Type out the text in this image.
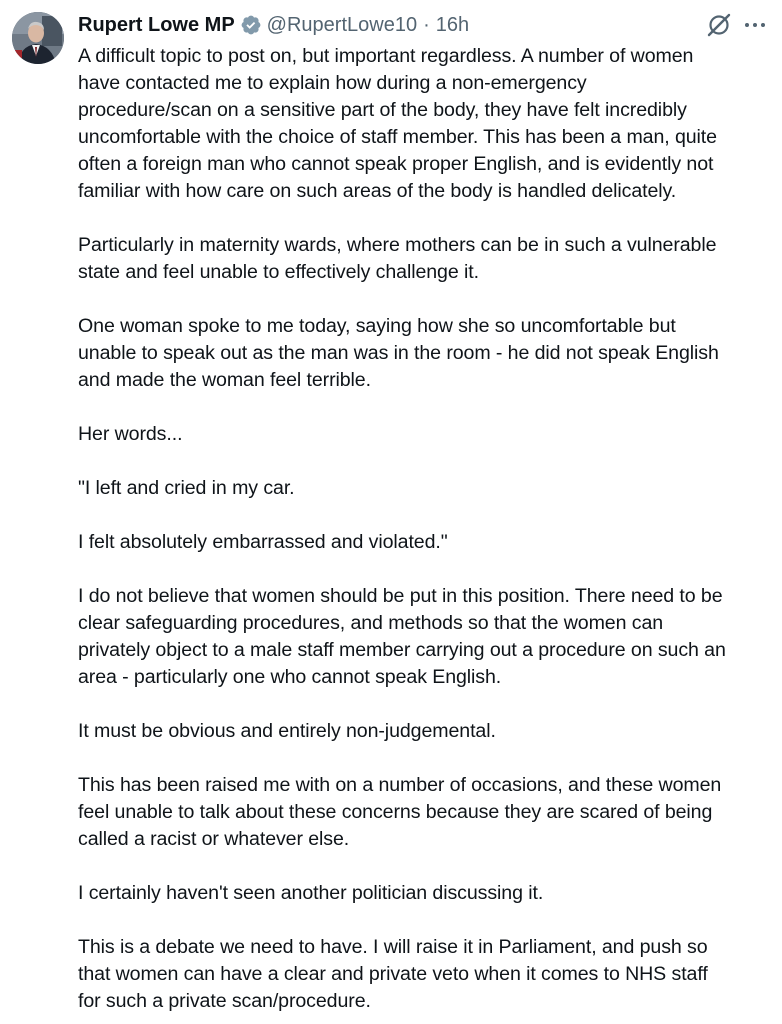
Rupert Lowe MP @RupertLowe10 · 16h

A difficult topic to post on, but important regardless. A number of women
have contacted me to explain how during a non-emergency
procedure/scan on a sensitive part of the body, they have felt incredibly
uncomfortable with the choice of staff member. This has been a man, quite
often a foreign man who cannot speak proper English, and is evidently not
familiar with how care on such areas of the body is handled delicately.

Particularly in maternity wards, where mothers can be in such a vulnerable
state and feel unable to effectively challenge it.

One woman spoke to me today, saying how she so uncomfortable but
unable to speak out as the man was in the room - he did not speak English
and made the woman feel terrible.

Her words...

"I left and cried in my car.

I felt absolutely embarrassed and violated."

I do not believe that women should be put in this position. There need to be
clear safeguarding procedures, and methods so that the women can
privately object to a male staff member carrying out a procedure on such an
area - particularly one who cannot speak English.

It must be obvious and entirely non-judgemental.

This has been raised me with on a number of occasions, and these women
feel unable to talk about these concerns because they are scared of being
called a racist or whatever else.

I certainly haven't seen another politician discussing it.

This is a debate we need to have. I will raise it in Parliament, and push so
that women can have a clear and private veto when it comes to NHS staff
for such a private scan/procedure.
